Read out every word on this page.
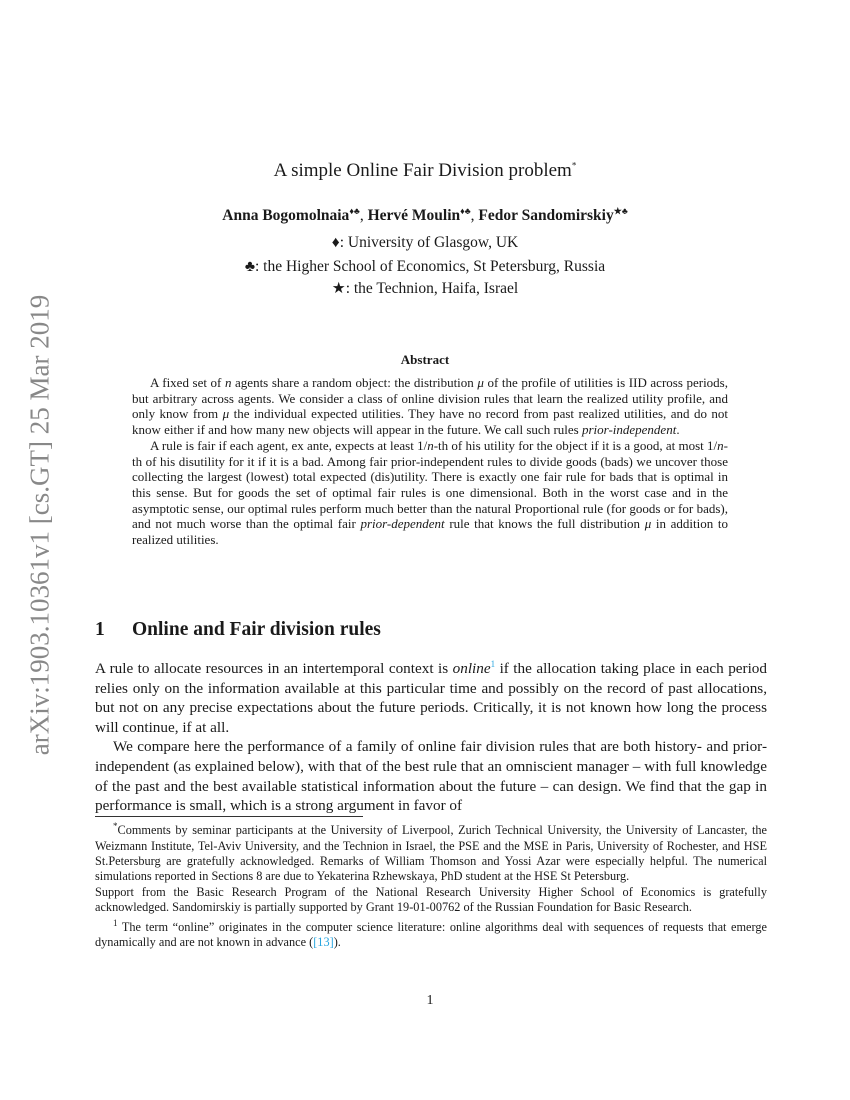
arXiv:1903.10361v1 [cs.GT] 25 Mar 2019
A simple Online Fair Division problem*
Anna Bogomolnaia♦♣, Hervé Moulin♦♣, Fedor Sandomirskiy★♣
♦: University of Glasgow, UK
♣: the Higher School of Economics, St Petersburg, Russia
★: the Technion, Haifa, Israel
Abstract

A fixed set of n agents share a random object: the distribution μ of the profile of utilities is IID across periods, but arbitrary across agents. We consider a class of online division rules that learn the realized utility profile, and only know from μ the individual expected utilities. They have no record from past realized utilities, and do not know either if and how many new objects will appear in the future. We call such rules prior-independent.

A rule is fair if each agent, ex ante, expects at least 1/n-th of his utility for the object if it is a good, at most 1/n-th of his disutility for it if it is a bad. Among fair prior-independent rules to divide goods (bads) we uncover those collecting the largest (lowest) total expected (dis)utility. There is exactly one fair rule for bads that is optimal in this sense. But for goods the set of optimal fair rules is one dimensional. Both in the worst case and in the asymptotic sense, our optimal rules perform much better than the natural Proportional rule (for goods or for bads), and not much worse than the optimal fair prior-dependent rule that knows the full distribution μ in addition to realized utilities.

1 Online and Fair division rules

A rule to allocate resources in an intertemporal context is online$^1$ if the allocation taking place in each period relies only on the information available at this particular time and possibly on the record of past allocations, but not on any precise expectations about the future periods. Critically, it is not known how long the process will continue, if at all.

We compare here the performance of a family of online fair division rules that are both history- and prior-independent (as explained below), with that of the best rule that an omniscient manager – with full knowledge of the past and the best available statistical information about the future – can design. We find that the gap in performance is small, which is a strong argument in favor of

*Comments by seminar participants at the University of Liverpool, Zurich Technical University, the University of Lancaster, the Weizmann Institute, Tel-Aviv University, and the Technion in Israel, the PSE and the MSE in Paris, University of Rochester, and HSE St.Petersburg are gratefully acknowledged. Remarks of William Thomson and Yossi Azar were especially helpful. The numerical simulations reported in Sections 8 are due to Yekaterina Rzhewskaya, PhD student at the HSE St Petersburg.

Support from the Basic Research Program of the National Research University Higher School of Economics is gratefully acknowledged. Sandomirskiy is partially supported by Grant 19-01-00762 of the Russian Foundation for Basic Research.

$^1$ The term “online” originates in the computer science literature: online algorithms deal with sequences of requests that emerge dynamically and are not known in advance ([13]).

1
